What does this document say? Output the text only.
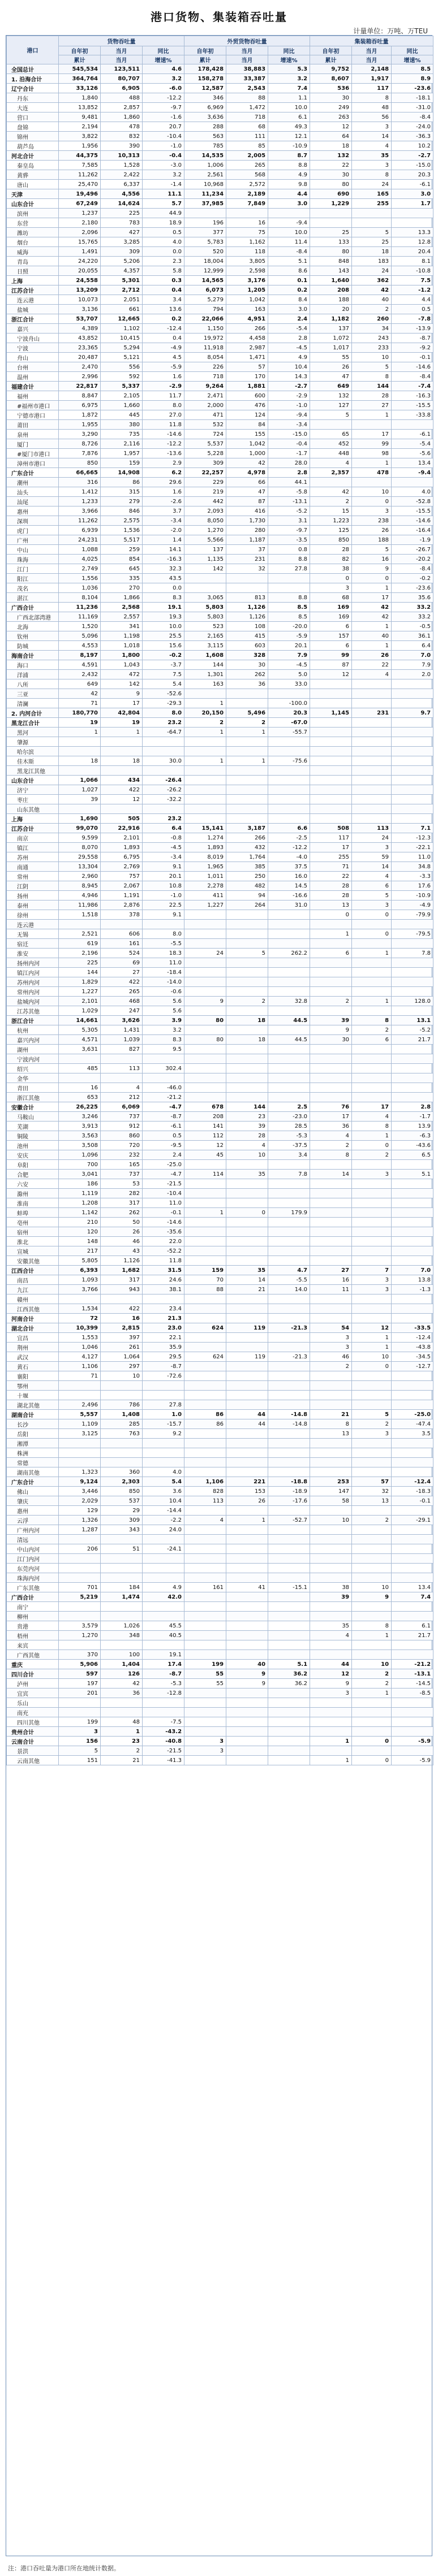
港口货物、集装箱吞吐量
计量单位：万吨、万TEU
港口	货物吞吐量			外贸货物吞吐量			集装箱吞吐量		
	自年初	当月	同比	自年初	当月	同比	自年初	当月	同比
	累计	当月	增速%	累计	当月	增速%	累计	当月	增速%
全国总计	545,534	123,511	4.6	178,428	38,883	5.3	9,752	2,148	8.5
1. 沿海合计	364,764	80,707	3.2	158,278	33,387	3.2	8,607	1,917	8.9
辽宁合计	33,126	6,905	-6.0	12,587	2,543	7.4	536	117	-23.6
丹东	1,840	488	-12.2	346	88	1.1	30	8	-18.1
大连	13,852	2,857	-9.7	6,969	1,472	10.0	249	48	-31.0
营口	9,481	1,860	-1.6	3,636	718	6.1	263	56	-8.4
盘锦	2,194	478	20.7	288	68	49.3	12	3	-24.0
锦州	3,822	832	-10.4	563	111	12.1	64	14	-36.3
葫芦岛	1,956	390	-1.0	785	85	-10.9	18	4	10.2
河北合计	44,375	10,313	-0.4	14,535	2,005	8.7	132	35	-2.7
秦皇岛	7,585	1,528	-3.0	1,006	265	8.8	22	3	-15.0
黄骅	11,262	2,422	3.2	2,561	568	4.9	30	8	20.3
唐山	25,470	6,337	-1.4	10,968	2,572	9.8	80	24	-6.1
天津	19,496	4,556	11.1	11,234	2,189	4.4	690	165	3.0
山东合计	67,249	14,624	5.7	37,985	7,849	3.0	1,229	255	1.7
滨州	1,237	225	44.9						
东营	2,180	783	18.9	196	16	-9.4			
潍坊	2,096	427	0.5	377	75	10.0	25	5	13.3
烟台	15,765	3,285	4.0	5,783	1,162	11.4	133	25	12.8
威海	1,491	309	0.0	520	118	-8.4	80	18	20.4
青岛	24,220	5,206	2.3	18,004	3,805	5.1	848	183	8.1
日照	20,055	4,357	5.8	12,999	2,598	8.6	143	24	-10.8
上海	24,558	5,301	0.3	14,565	3,176	0.1	1,640	362	7.5
江苏合计	13,209	2,712	0.4	6,073	1,205	0.2	208	42	-1.2
连云港	10,073	2,051	3.4	5,279	1,042	8.4	188	40	4.4
盐城	3,136	661	13.6	794	163	3.0	20	2	0.5
浙江合计	53,707	12,665	0.2	22,066	4,951	2.4	1,182	260	-7.8
嘉兴	4,389	1,102	-12.4	1,150	266	-5.4	137	34	-13.9
宁波舟山	43,852	10,415	0.4	19,972	4,458	2.8	1,072	243	-8.7
宁波	23,365	5,294	-4.9	11,918	2,987	-4.5	1,017	233	-9.2
舟山	20,487	5,121	4.5	8,054	1,471	4.9	55	10	-0.1
台州	2,470	556	-5.9	226	57	10.4	26	5	-14.6
温州	2,996	592	1.6	718	170	14.3	47	8	-8.4
福建合计	22,817	5,337	-2.9	9,264	1,881	-2.7	649	144	-7.4
福州	8,847	2,105	11.7	2,471	600	-2.9	132	28	-16.3
#福州市港口	6,975	1,660	8.0	2,000	476	-1.0	127	27	-15.5
宁德市港口	1,872	445	27.0	471	124	-9.4	5	1	-33.8
莆田	1,955	380	11.8	532	84	-3.4			
泉州	3,290	735	-14.6	724	155	-15.0	65	17	-6.1
厦门	8,726	2,116	-12.2	5,537	1,042	-0.4	452	99	-5.4
#厦门市港口	7,876	1,957	-13.6	5,228	1,000	-1.7	448	98	-5.6
漳州市港口	850	159	2.9	309	42	28.0	4	1	13.4
广东合计	66,665	14,908	6.2	22,257	4,978	2.8	2,357	478	-9.4
潮州	316	86	29.6	229	66	44.1			
汕头	1,412	315	1.6	219	47	-5.8	42	10	4.0
汕尾	1,233	279	-2.6	442	87	-13.1	2	0	-52.8
惠州	3,966	846	3.7	2,093	416	-5.2	15	3	-15.5
深圳	11,262	2,575	-3.4	8,050	1,730	3.1	1,223	238	-14.6
虎门	6,939	1,536	-2.0	1,270	280	-9.7	125	26	-16.4
广州	24,231	5,517	1.4	5,566	1,187	-3.5	850	188	-1.9
中山	1,088	259	14.1	137	37	0.8	28	5	-26.7
珠海	4,025	854	-16.3	1,135	231	8.8	82	16	-20.2
江门	2,749	645	32.3	142	32	27.8	38	9	-8.4
阳江	1,556	335	43.5				0	0	-0.2
茂名	1,036	270	0.0				3	1	-23.6
湛江	8,104	1,866	8.3	3,065	813	8.8	68	17	35.6
广西合计	11,236	2,568	19.1	5,803	1,126	8.5	169	42	33.2
广西北部湾港	11,169	2,557	19.3	5,803	1,126	8.5	169	42	33.2
北海	1,520	341	10.0	523	108	-20.0	6	1	-0.5
钦州	5,096	1,198	25.5	2,165	415	-5.9	157	40	36.1
防城	4,553	1,018	15.6	3,115	603	20.1	6	1	6.4
海南合计	8,197	1,800	-0.2	1,608	328	7.9	99	26	7.0
海口	4,591	1,043	-3.7	144	30	-4.5	87	22	7.9
洋浦	2,432	472	7.5	1,301	262	5.0	12	4	2.0
八所	649	142	5.4	163	36	33.0			
三亚	42	9	-52.6						
清澜	71	17	-29.3	1		-100.0			
2. 内河合计	180,770	42,804	8.0	20,150	5,496	20.3	1,145	231	9.7
黑龙江合计	19	19	23.2	2	2	-67.0			
黑河	1	1	-64.7	1	1	-55.7			
肇源									
哈尔滨									
佳木斯	18	18	30.0	1	1	-75.6			
黑龙江其他									
山东合计	1,066	434	-26.4						
济宁	1,027	422	-26.2						
枣庄	39	12	-32.2						
山东其他									
上海	1,690	505	23.2						
江苏合计	99,070	22,916	6.4	15,141	3,187	6.6	508	113	7.1
南京	9,599	2,101	-0.8	1,274	266	-2.5	117	24	-12.3
镇江	8,070	1,893	-4.5	1,893	432	-12.2	17	3	-22.1
苏州	29,558	6,795	-3.4	8,019	1,764	-4.0	255	59	11.0
南通	13,304	2,769	9.1	1,965	385	37.5	71	14	34.8
常州	2,960	757	20.1	1,011	250	16.0	22	4	-3.3
江阴	8,945	2,067	10.8	2,278	482	14.5	28	6	17.6
扬州	4,946	1,191	-1.0	411	94	-16.6	28	5	-10.9
泰州	11,986	2,876	22.5	1,227	264	31.0	13	3	-4.9
徐州	1,518	378	9.1				0	0	-79.9
连云港									
无锡	2,521	606	8.0				1	0	-79.5
宿迁	619	161	-5.5						
淮安	2,196	524	18.3	24	5	262.2	6	1	7.8
扬州内河	225	69	11.0						
镇江内河	144	27	-18.4						
苏州内河	1,829	422	-14.0						
常州内河	1,227	265	-0.6						
盐城内河	2,101	468	5.6	9	2	32.8	2	1	128.0
江苏其他	1,029	247	5.6						
浙江合计	14,661	3,626	3.9	80	18	44.5	39	8	13.1
杭州	5,305	1,431	3.2				9	2	-5.2
嘉兴内河	4,571	1,039	8.3	80	18	44.5	30	6	21.7
湖州	3,631	827	9.5						
宁波内河									
绍兴	485	113	302.4						
金华									
青田	16	4	-46.0						
浙江其他	653	212	-21.2						
安徽合计	26,225	6,069	-4.7	678	144	2.5	76	17	2.8
马鞍山	3,246	737	-8.7	208	23	-23.0	17	4	-1.7
芜湖	3,913	912	-6.1	141	39	28.5	36	8	13.9
铜陵	3,563	860	0.5	112	28	-5.3	4	1	-6.3
池州	3,508	720	-9.5	12	4	-37.5	2	0	-43.6
安庆	1,096	232	2.4	45	10	3.4	8	2	6.5
阜阳	700	165	-25.0						
合肥	3,041	737	-4.7	114	35	7.8	14	3	5.1
六安	186	53	-21.5						
滁州	1,119	282	-10.4						
淮南	1,208	317	11.0						
蚌埠	1,142	262	-0.1	1	0	179.9			
亳州	210	50	-14.6						
宿州	120	26	-35.6						
淮北	148	46	22.0						
宣城	217	43	-52.2						
安徽其他	5,805	1,126	11.8						
江西合计	6,393	1,682	31.5	159	35	4.7	27	7	7.0
南昌	1,093	317	24.6	70	14	-5.5	16	3	13.8
九江	3,766	943	38.1	88	21	14.0	11	3	-1.3
赣州									
江西其他	1,534	422	23.4						
河南合计	72	16	21.3						
湖北合计	10,399	2,815	23.0	624	119	-21.3	54	12	-33.5
宜昌	1,553	397	22.1				3	1	-12.4
荆州	1,046	261	35.9				3	1	-43.8
武汉	4,127	1,064	29.5	624	119	-21.3	46	10	-34.5
黄石	1,106	297	-8.7				2	0	-12.7
襄阳	71	10	-72.6						
鄂州									
十堰									
湖北其他	2,496	786	27.8						
湖南合计	5,557	1,408	1.0	86	44	-14.8	21	5	-25.0
长沙	1,109	285	-15.7	86	44	-14.8	8	2	-47.4
岳阳	3,125	763	9.2				13	3	3.5
湘潭									
株洲									
常德									
湖南其他	1,323	360	4.0						
广东合计	9,124	2,303	5.4	1,106	221	-18.8	253	57	-12.4
佛山	3,446	850	3.6	828	153	-18.9	147	32	-18.3
肇庆	2,029	537	10.4	113	26	-17.6	58	13	-0.1
惠州	129	29	-14.4						
云浮	1,326	309	-2.2	4	1	-52.7	10	2	-29.1
广州内河	1,287	343	24.0						
清远									
中山内河	206	51	-24.1						
江门内河									
东莞内河									
珠海内河									
广东其他	701	184	4.9	161	41	-15.1	38	10	13.4
广西合计	5,219	1,474	42.0				39	9	7.4
南宁									
柳州									
贵港	3,579	1,026	45.5				35	8	6.1
梧州	1,270	348	40.5				4	1	21.7
来宾									
广西其他	370	100	19.1						
重庆	5,906	1,404	17.4	199	40	5.1	44	10	-21.2
四川合计	597	126	-8.7	55	9	36.2	12	2	-13.1
泸州	197	42	-5.3	55	9	36.2	9	2	-14.5
宜宾	201	36	-12.8				3	1	-8.5
乐山									
南充									
四川其他	199	48	-7.5						
贵州合计	3	1	-43.2						
云南合计	156	23	-40.8	3			1	0	-5.9
景洪	5	2	-21.5	3					
云南其他	151	21	-41.3				1	0	-5.9
注：港口吞吐量为港口所在地统计数据。
